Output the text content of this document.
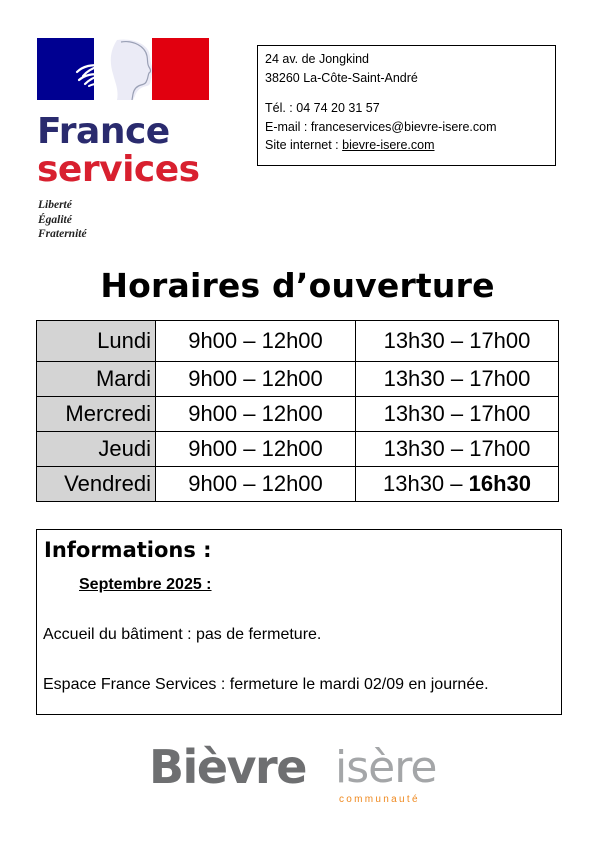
France
services
Liberté
Égalité
Fraternité
24 av. de Jongkind
38260 La-Côte-Saint-André
Tél. : 04 74 20 31 57
E-mail : franceservices@bievre-isere.com
Site internet : bievre-isere.com
Horaires d’ouverture
Lundi	9h00 – 12h00	13h30 – 17h00
Mardi	9h00 – 12h00	13h30 – 17h00
Mercredi	9h00 – 12h00	13h30 – 17h00
Jeudi	9h00 – 12h00	13h30 – 17h00
Vendredi	9h00 – 12h00	13h30 – 16h30
Informations :
Septembre 2025 :
Accueil du bâtiment : pas de fermeture.
Espace France Services : fermeture le mardi 02/09 en journée.
Bièvre isère
communauté
